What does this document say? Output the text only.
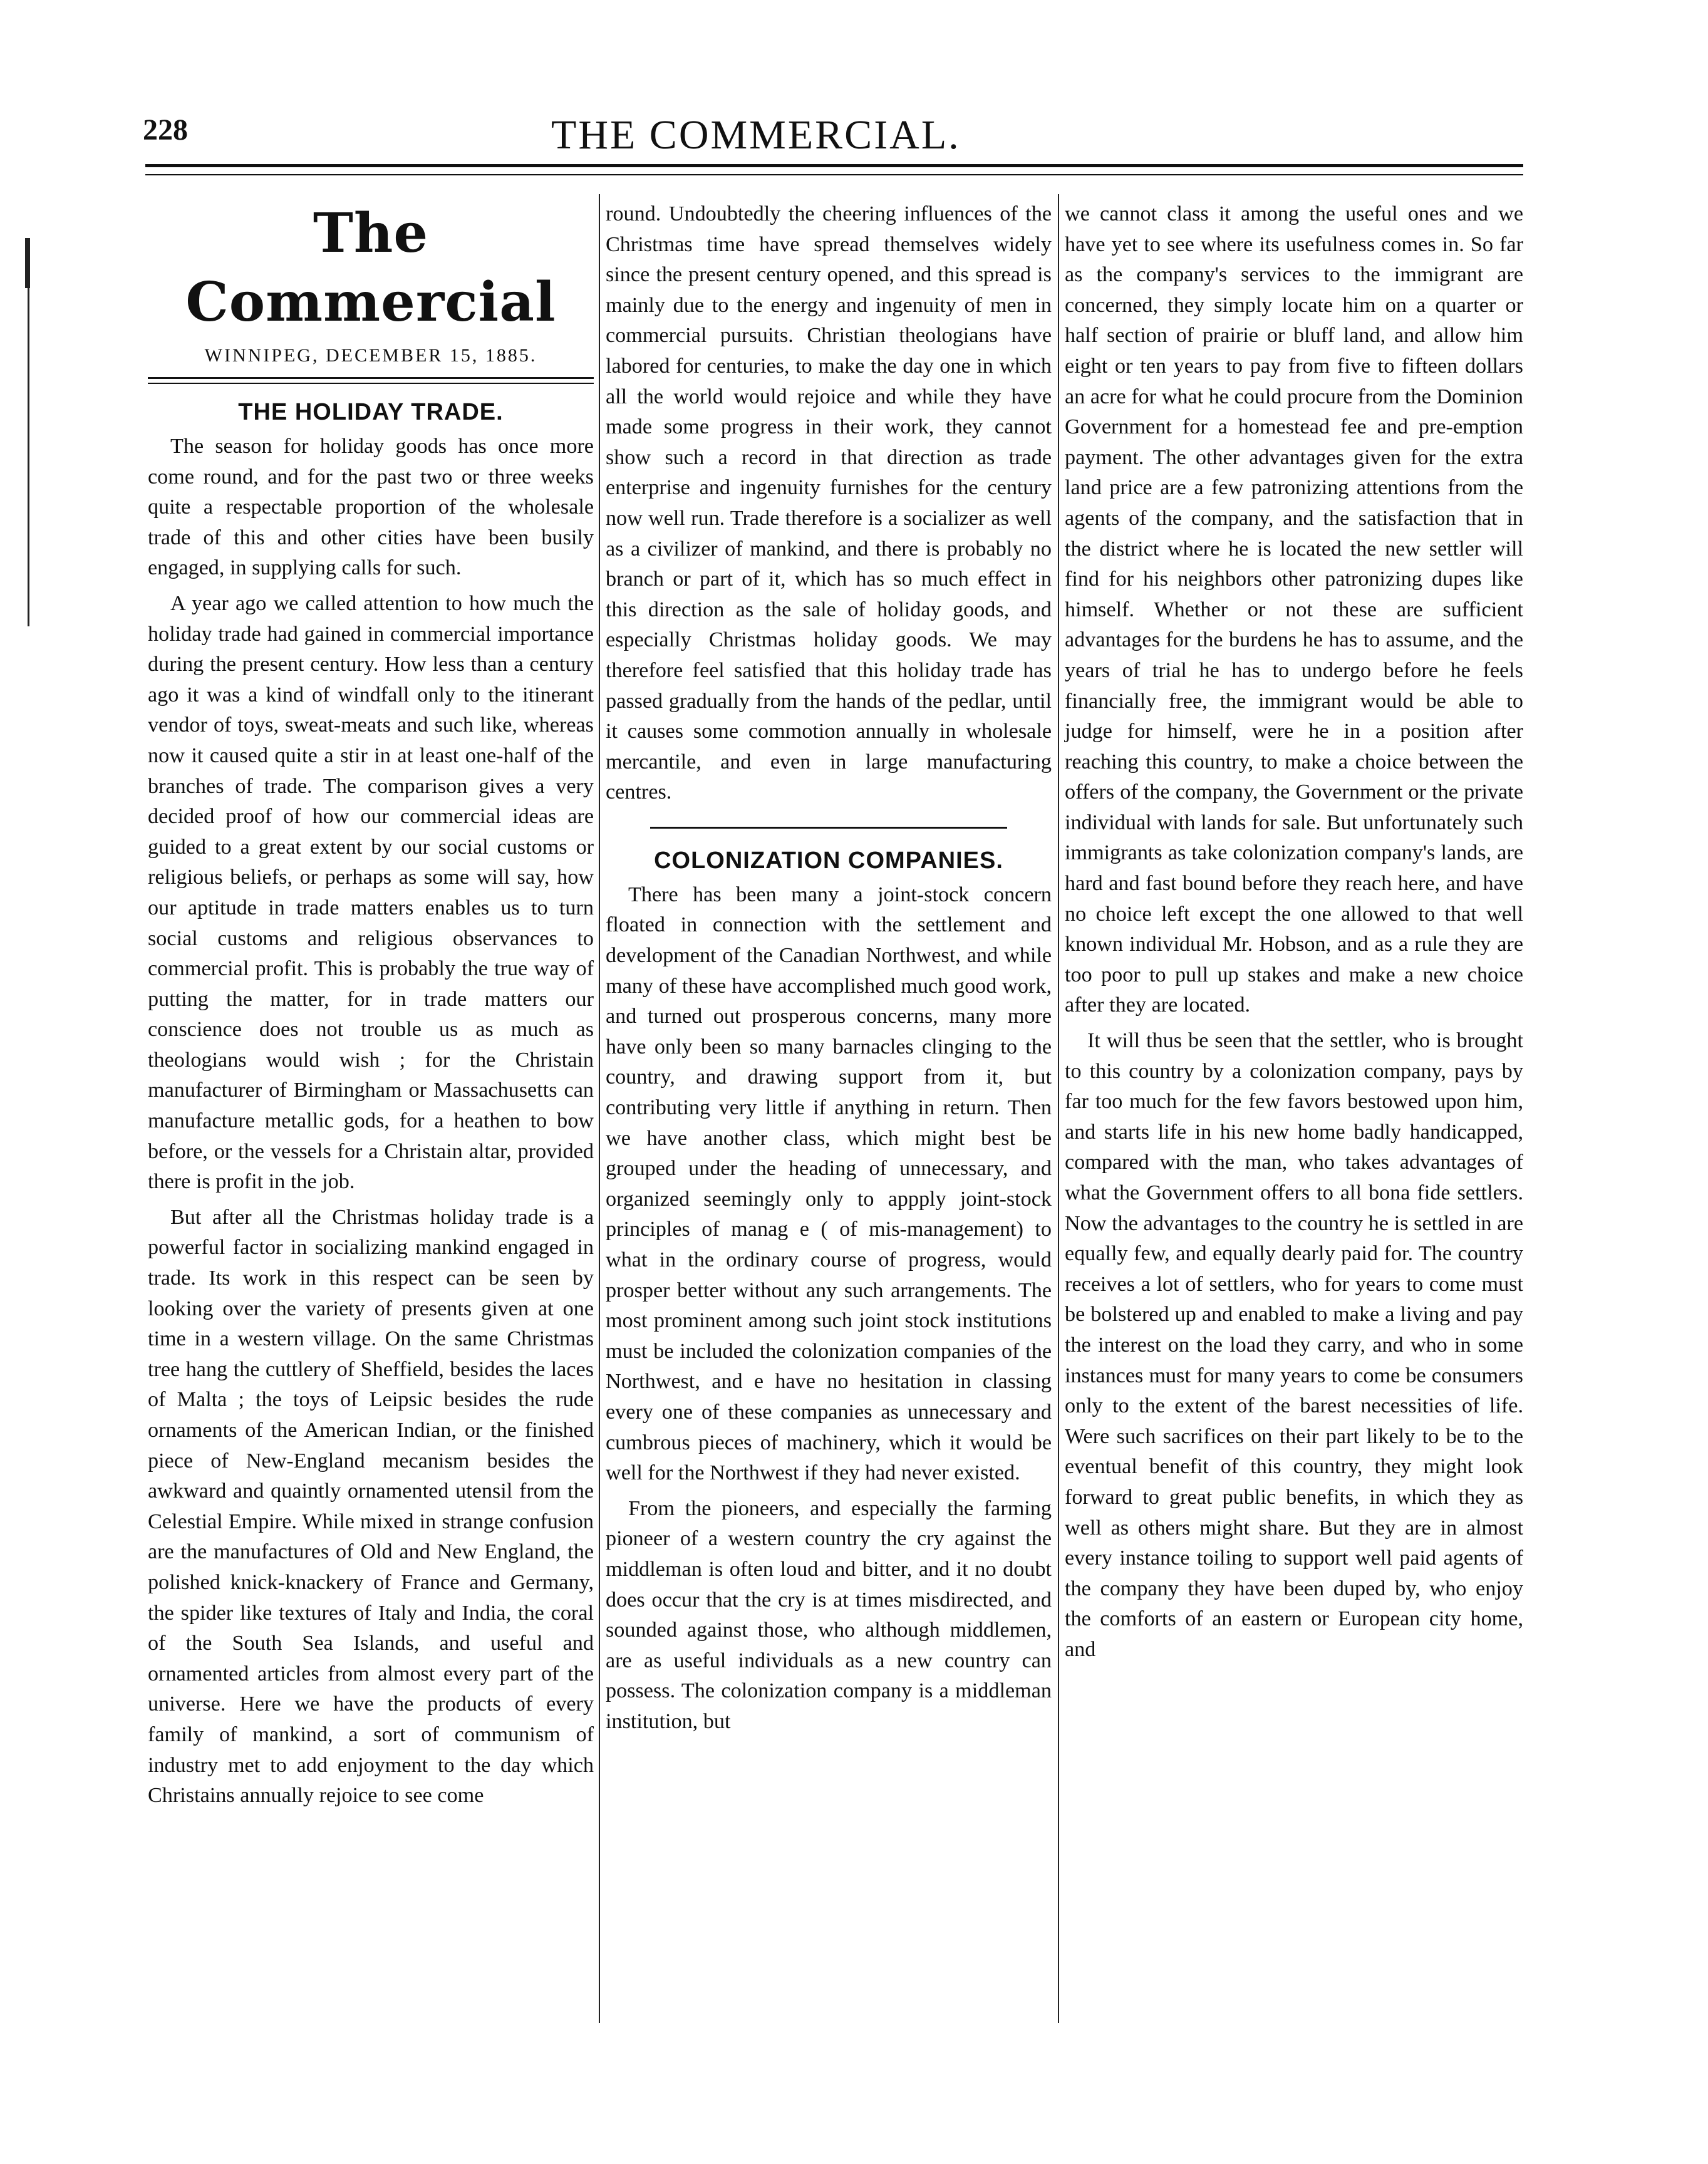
228	THE COMMERCIAL.
The Commercial
WINNIPEG, DECEMBER 15, 1885.
THE HOLIDAY TRADE.

The season for holiday goods has once more come round, and for the past two or three weeks quite a respectable proportion of the wholesale trade of this and other cities have been busily engaged, in supplying calls for such.

A year ago we called attention to how much the holiday trade had gained in commercial importance during the present century. How less than a century ago it was a kind of windfall only to the itinerant vendor of toys, sweat-meats and such like, whereas now it caused quite a stir in at least one-half of the branches of trade. The comparison gives a very decided proof of how our commercial ideas are guided to a great extent by our social customs or religious beliefs, or perhaps as some will say, how our aptitude in trade matters enables us to turn social customs and religious observances to commercial profit. This is probably the true way of putting the matter, for in trade matters our conscience does not trouble us as much as theologians would wish ; for the Christain manufacturer of Birmingham or Massachusetts can manufacture metallic gods, for a heathen to bow before, or the vessels for a Christain altar, provided there is profit in the job.

But after all the Christmas holiday trade is a powerful factor in socializing mankind engaged in trade. Its work in this respect can be seen by looking over the variety of presents given at one time in a western village. On the same Christmas tree hang the cuttlery of Sheffield, besides the laces of Malta ; the toys of Leipsic besides the rude ornaments of the American Indian, or the finished piece of New-England mecanism besides the awkward and quaintly ornamented utensil from the Celestial Empire. While mixed in strange confusion are the manufactures of Old and New England, the polished knick-knackery of France and Germany, the spider like textures of Italy and India, the coral of the South Sea Islands, and useful and ornamented articles from almost every part of the universe. Here we have the products of every family of mankind, a sort of communism of industry met to add enjoyment to the day which Christains annually rejoice to see come

round. Undoubtedly the cheering influences of the Christmas time have spread themselves widely since the present century opened, and this spread is mainly due to the energy and ingenuity of men in commercial pursuits. Christian theologians have labored for centuries, to make the day one in which all the world would rejoice and while they have made some progress in their work, they cannot show such a record in that direction as trade enterprise and ingenuity furnishes for the century now well run. Trade therefore is a socializer as well as a civilizer of mankind, and there is probably no branch or part of it, which has so much effect in this direction as the sale of holiday goods, and especially Christmas holiday goods. We may therefore feel satisfied that this holiday trade has passed gradually from the hands of the pedlar, until it causes some commotion annually in wholesale mercantile, and even in large manufacturing centres.

COLONIZATION COMPANIES.

There has been many a joint-stock concern floated in connection with the settlement and development of the Canadian Northwest, and while many of these have accomplished much good work, and turned out prosperous concerns, many more have only been so many barnacles clinging to the country, and drawing support from it, but contributing very little if anything in return. Then we have another class, which might best be grouped under the heading of unnecessary, and organized seemingly only to appply joint-stock principles of manag e ( of mis-management) to what in the ordinary course of progress, would prosper better without any such arrangements. The most prominent among such joint stock institutions must be included the colonization companies of the Northwest, and e have no hesitation in classing every one of these companies as unnecessary and cumbrous pieces of machinery, which it would be well for the Northwest if they had never existed.

From the pioneers, and especially the farming pioneer of a western country the cry against the middleman is often loud and bitter, and it no doubt does occur that the cry is at times misdirected, and sounded against those, who although middlemen, are as useful individuals as a new country can possess. The colonization company is a middleman institution, but

we cannot class it among the useful ones and we have yet to see where its usefulness comes in. So far as the company's services to the immigrant are concerned, they simply locate him on a quarter or half section of prairie or bluff land, and allow him eight or ten years to pay from five to fifteen dollars an acre for what he could procure from the Dominion Government for a homestead fee and pre-emption payment. The other advantages given for the extra land price are a few patronizing attentions from the agents of the company, and the satisfaction that in the district where he is located the new settler will find for his neighbors other patronizing dupes like himself. Whether or not these are sufficient advantages for the burdens he has to assume, and the years of trial he has to undergo before he feels financially free, the immigrant would be able to judge for himself, were he in a position after reaching this country, to make a choice between the offers of the company, the Government or the private individual with lands for sale. But unfortunately such immigrants as take colonization company's lands, are hard and fast bound before they reach here, and have no choice left except the one allowed to that well known individual Mr. Hobson, and as a rule they are too poor to pull up stakes and make a new choice after they are located.

It will thus be seen that the settler, who is brought to this country by a colonization company, pays by far too much for the few favors bestowed upon him, and starts life in his new home badly handicapped, compared with the man, who takes advantages of what the Government offers to all bona fide settlers. Now the advantages to the country he is settled in are equally few, and equally dearly paid for. The country receives a lot of settlers, who for years to come must be bolstered up and enabled to make a living and pay the interest on the load they carry, and who in some instances must for many years to come be consumers only to the extent of the barest necessities of life. Were such sacrifices on their part likely to be to the eventual benefit of this country, they might look forward to great public benefits, in which they as well as others might share. But they are in almost every instance toiling to support well paid agents of the company they have been duped by, who enjoy the comforts of an eastern or European city home, and
